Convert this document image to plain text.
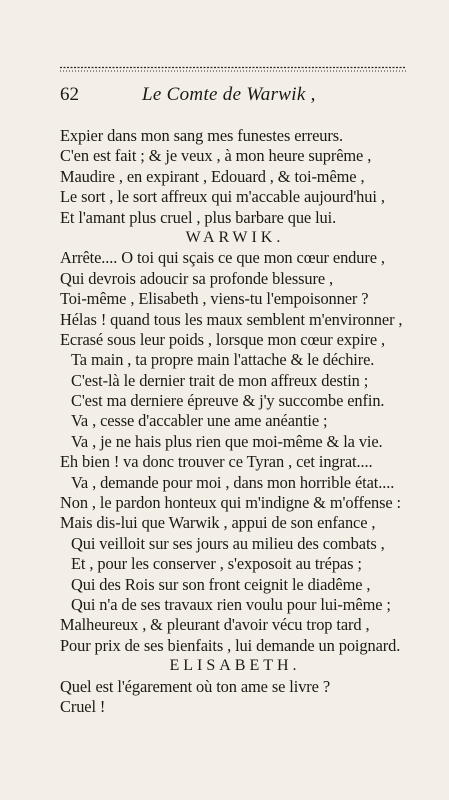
62	Le Comte de Warwik ,
Expier dans mon sang mes funestes erreurs.
C'en est fait ; & je veux , à mon heure suprême ,
Maudire , en expirant , Edouard , & toi-même ,
Le sort , le sort affreux qui m'accable aujourd'hui ,
Et l'amant plus cruel , plus barbare que lui.
WARWIK.
Arrête.... O toi qui sçais ce que mon cœur endure ,
Qui devrois adoucir sa profonde blessure ,
Toi-même , Elisabeth , viens-tu l'empoisonner ?
Hélas ! quand tous les maux semblent m'environner ,
Ecrasé sous leur poids , lorsque mon cœur expire ,
Ta main , ta propre main l'attache & le déchire.
C'est-là le dernier trait de mon affreux destin ;
C'est ma derniere épreuve & j'y succombe enfin.
Va , cesse d'accabler une ame anéantie ;
Va , je ne hais plus rien que moi-même & la vie.
Eh bien ! va donc trouver ce Tyran , cet ingrat....
Va , demande pour moi , dans mon horrible état....
Non , le pardon honteux qui m'indigne & m'offense :
Mais dis-lui que Warwik , appui de son enfance ,
Qui veilloit sur ses jours au milieu des combats ,
Et , pour les conserver , s'exposoit au trépas ;
Qui des Rois sur son front ceignit le diadême ,
Qui n'a de ses travaux rien voulu pour lui-même ;
Malheureux , & pleurant d'avoir vécu trop tard ,
Pour prix de ses bienfaits , lui demande un poignard.
ELISABETH.
Quel est l'égarement où ton ame se livre ?
Cruel !
